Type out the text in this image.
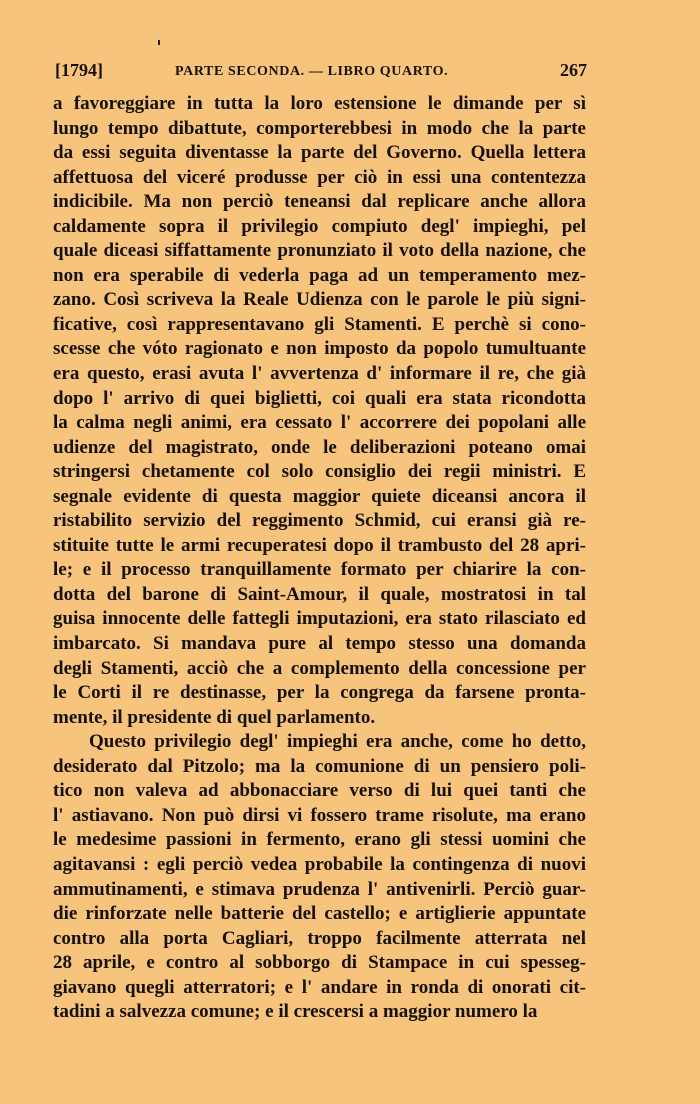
[1794]	PARTE SECONDA. — LIBRO QUARTO.	267
a favoreggiare in tutta la loro estensione le dimande per sì
lungo tempo dibattute, comporterebbesi in modo che la parte
da essi seguita diventasse la parte del Governo. Quella lettera
affettuosa del viceré produsse per ciò in essi una contentezza
indicibile. Ma non perciò teneansi dal replicare anche allora
caldamente sopra il privilegio compiuto degl' impieghi, pel
quale diceasi siffattamente pronunziato il voto della nazione, che
non era sperabile di vederla paga ad un temperamento mez-
zano. Così scriveva la Reale Udienza con le parole le più signi-
ficative, così rappresentavano gli Stamenti. E perchè si cono-
scesse che vóto ragionato e non imposto da popolo tumultuante
era questo, erasi avuta l' avvertenza d' informare il re, che già
dopo l' arrivo di quei biglietti, coi quali era stata ricondotta
la calma negli animi, era cessato l' accorrere dei popolani alle
udienze del magistrato, onde le deliberazioni poteano omai
stringersi chetamente col solo consiglio dei regii ministri. E
segnale evidente di questa maggior quiete diceansi ancora il
ristabilito servizio del reggimento Schmid, cui eransi già re-
stituite tutte le armi recuperatesi dopo il trambusto del 28 apri-
le; e il processo tranquillamente formato per chiarire la con-
dotta del barone di Saint-Amour, il quale, mostratosi in tal
guisa innocente delle fattegli imputazioni, era stato rilasciato ed
imbarcato. Si mandava pure al tempo stesso una domanda
degli Stamenti, acciò che a complemento della concessione per
le Corti il re destinasse, per la congrega da farsene pronta-
mente, il presidente di quel parlamento.
Questo privilegio degl' impieghi era anche, come ho detto,
desiderato dal Pitzolo; ma la comunione di un pensiero poli-
tico non valeva ad abbonacciare verso di lui quei tanti che
l' astiavano. Non può dirsi vi fossero trame risolute, ma erano
le medesime passioni in fermento, erano gli stessi uomini che
agitavansi : egli perciò vedea probabile la contingenza di nuovi
ammutinamenti, e stimava prudenza l' antivenirli. Perciò guar-
die rinforzate nelle batterie del castello; e artiglierie appuntate
contro alla porta Cagliari, troppo facilmente atterrata nel
28 aprile, e contro al sobborgo di Stampace in cui spesseg-
giavano quegli atterratori; e l' andare in ronda di onorati cit-
tadini a salvezza comune; e il crescersi a maggior numero la
